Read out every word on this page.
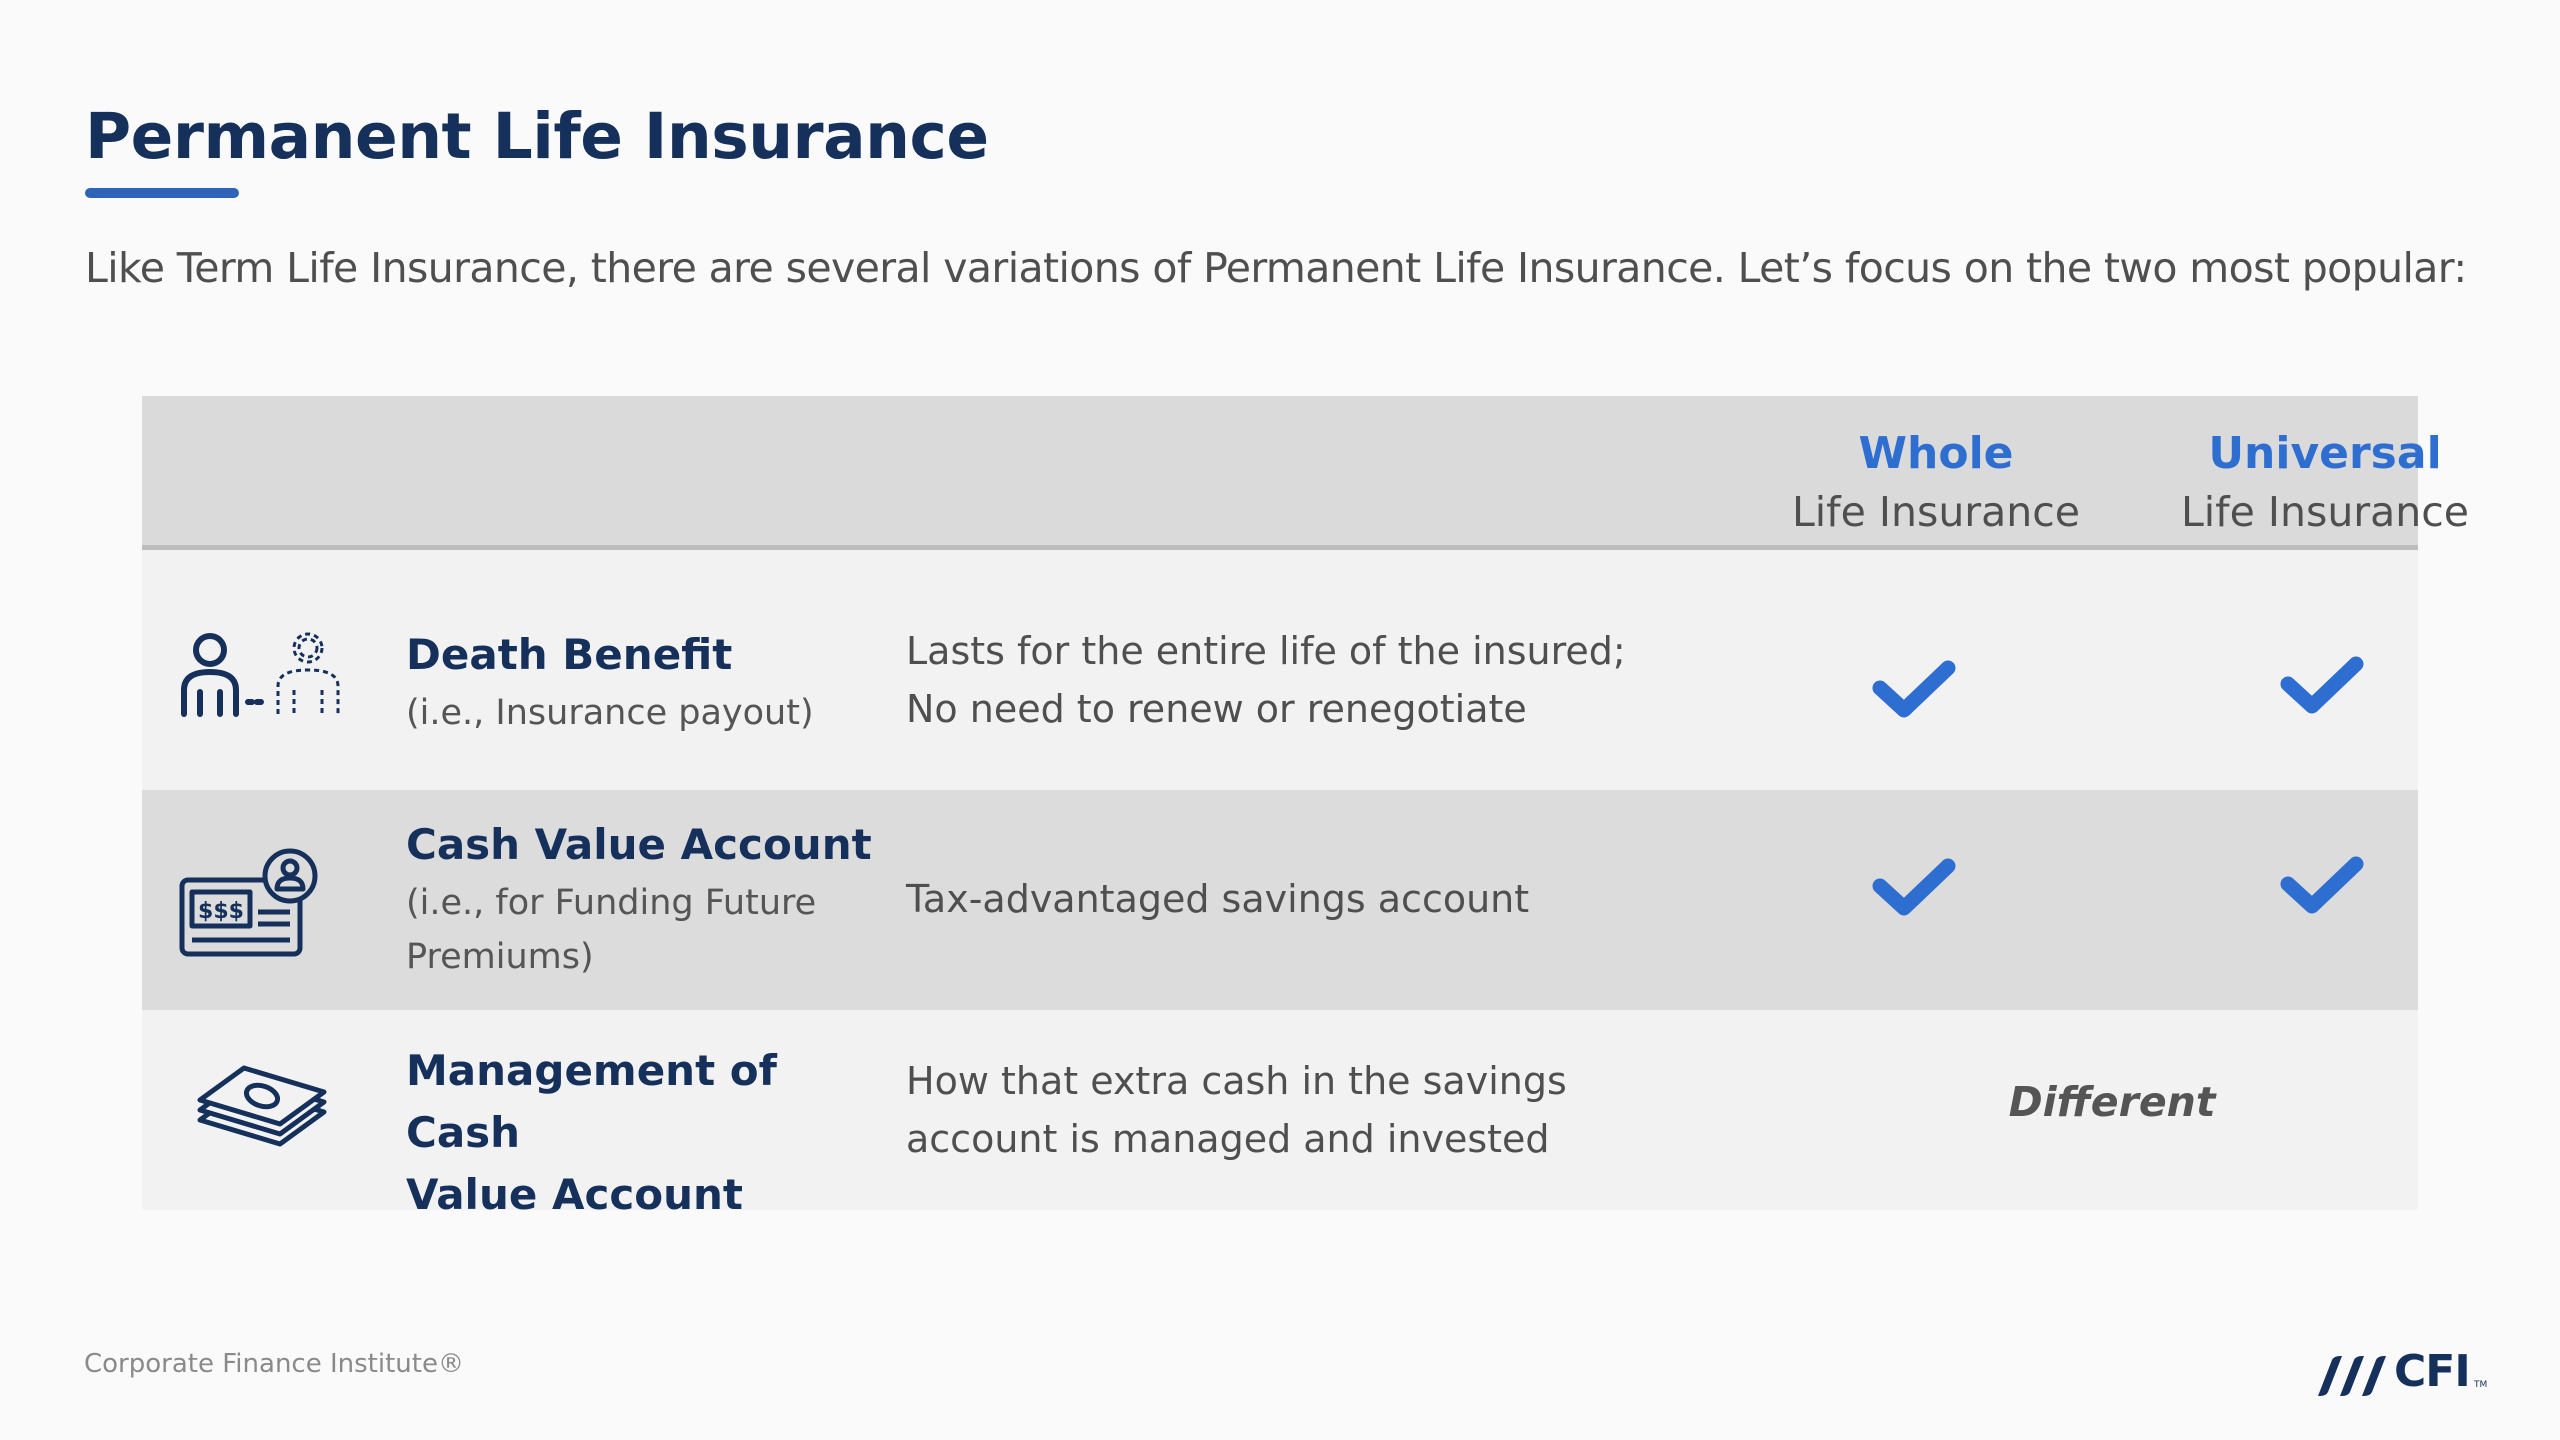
Permanent Life Insurance
Like Term Life Insurance, there are several variations of Permanent Life Insurance. Let’s focus on the two most popular:
Whole
Life Insurance
Universal
Life Insurance
Death Benefit
(i.e., Insurance payout)
Lasts for the entire life of the insured;
No need to renew or renegotiate
$$$
Cash Value Account
(i.e., for Funding Future
Premiums)
Tax-advantaged savings account
Management of Cash
Value Account
How that extra cash in the savings
account is managed and invested
Different
Corporate Finance Institute®	CFI TM
